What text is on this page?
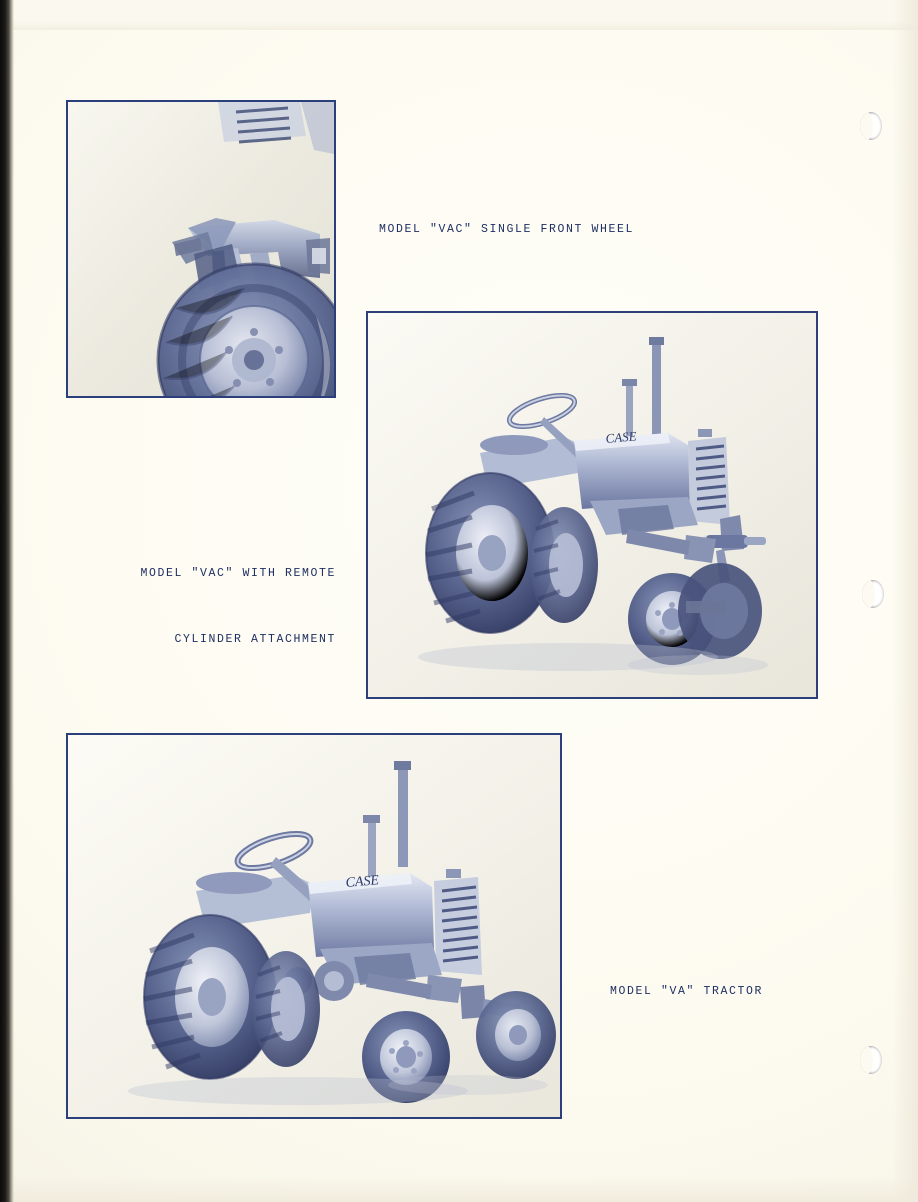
MODEL "VAC" SINGLE FRONT WHEEL

CASE

MODEL "VAC" WITH REMOTE

CYLINDER ATTACHMENT

CASE

MODEL "VA" TRACTOR
